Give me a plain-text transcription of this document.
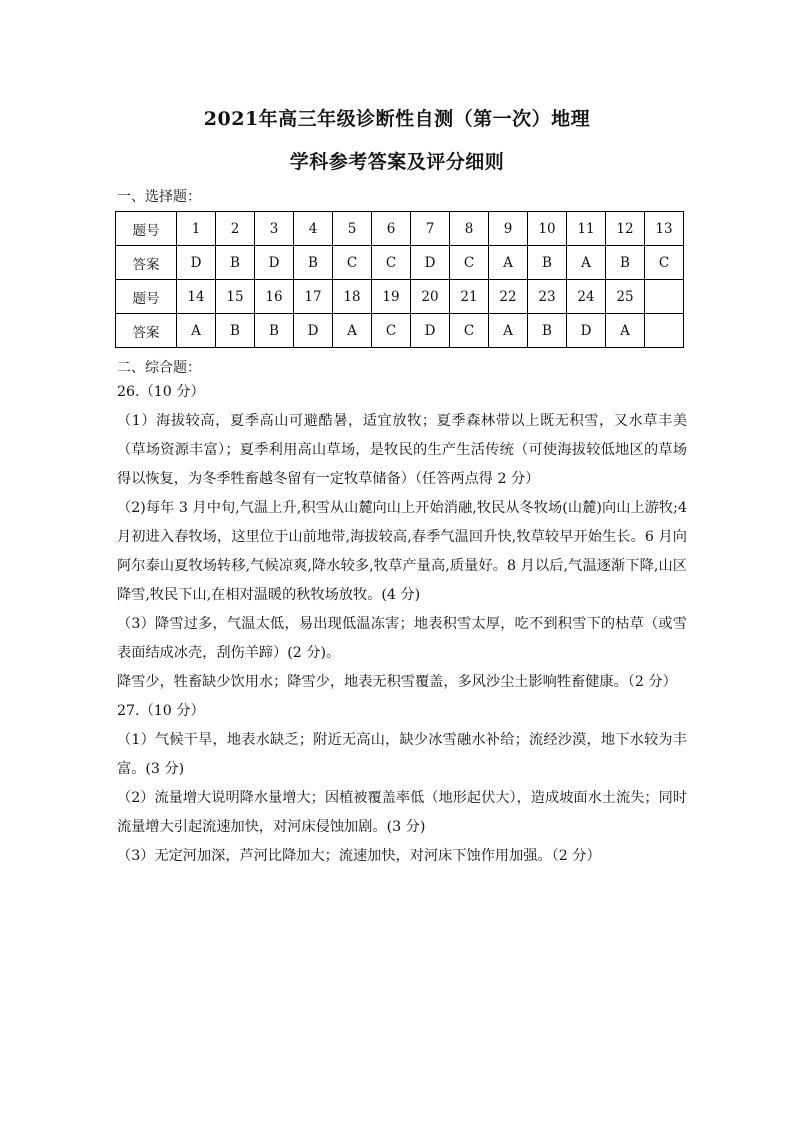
2021年高三年级诊断性自测（第一次）地理
学科参考答案及评分细则
一、选择题：
题号	1	2	3	4	5	6	7	8	9	10	11	12	13
答案	D	B	D	B	C	C	D	C	A	B	A	B	C
题号	14	15	16	17	18	19	20	21	22	23	24	25	
答案	A	B	B	D	A	C	D	C	A	B	D	A	
二、综合题：

26.（10 分）

（1）海拔较高，夏季高山可避酷暑，适宜放牧；夏季森林带以上既无积雪，又水草丰美（草场资源丰富）；夏季利用高山草场，是牧民的生产生活传统（可使海拔较低地区的草场得以恢复，为冬季牲畜越冬留有一定牧草储备）（任答两点得 2 分）

（2)每年 3 月中旬,气温上升,积雪从山麓向山上开始消融,牧民从冬牧场(山麓)向山上游牧;4 月初进入春牧场，这里位于山前地带,海拔较高,春季气温回升快,牧草较早开始生长。6 月向阿尔泰山夏牧场转移,气候凉爽,降水较多,牧草产量高,质量好。8 月以后,气温逐渐下降,山区降雪,牧民下山,在相对温暖的秋牧场放牧。(4 分)

（3）降雪过多，气温太低，易出现低温冻害；地表积雪太厚，吃不到积雪下的枯草（或雪表面结成冰壳，刮伤羊蹄）(2 分)。

降雪少，牲畜缺少饮用水；降雪少，地表无积雪覆盖，多风沙尘土影响牲畜健康。（2 分）

27.（10 分）

（1）气候干旱，地表水缺乏；附近无高山，缺少冰雪融水补给；流经沙漠，地下水较为丰富。(3 分)

（2）流量增大说明降水量增大；因植被覆盖率低（地形起伏大），造成坡面水土流失；同时流量增大引起流速加快，对河床侵蚀加剧。(3 分)

（3）无定河加深，芦河比降加大；流速加快，对河床下蚀作用加强。（2 分）
